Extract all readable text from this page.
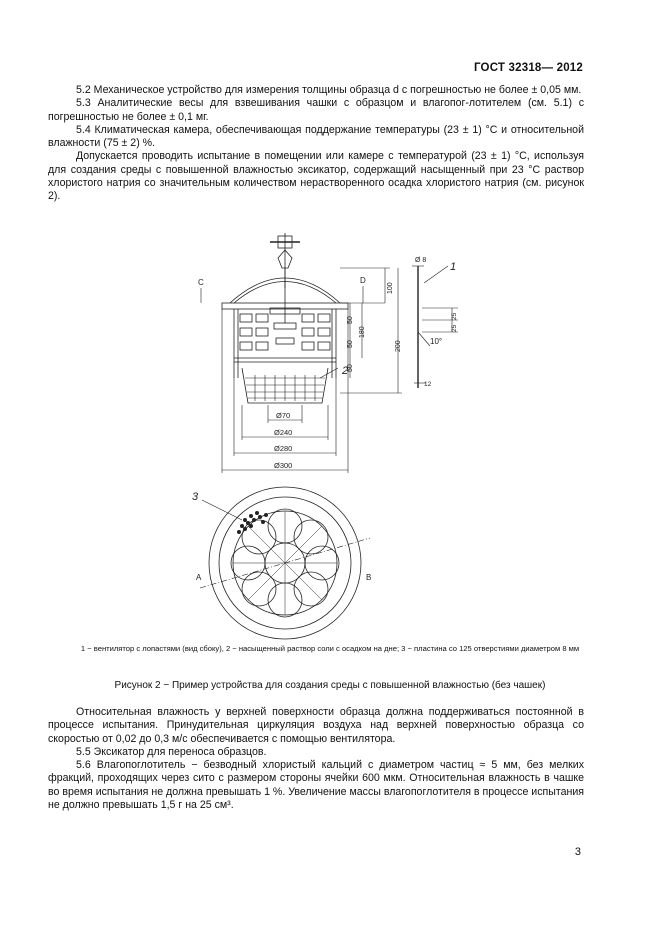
ГОСТ 32318— 2012

5.2 Механическое устройство для измерения толщины образца d с погрешностью не более ± 0,05 мм.

5.3 Аналитические весы для взвешивания чашки с образцом и влагопог-лотителем (см. 5.1) с погрешностью не более ± 0,1 мг.

5.4 Климатическая камера, обеспечивающая поддержание температуры (23 ± 1) °С и относительной влажности (75 ± 2) %.

Допускается проводить испытание в помещении или камере с температурой (23 ± 1) °С, используя для создания среды с повышенной влажностью эксикатор, содержащий насыщенный при 23 °С раствор хлористого натрия со значительным количеством нерастворенного осадка хлористого натрия (см. рисунок 2).

2
C	D
Ø70
Ø240
Ø280
Ø300
100
50
180
50
50
200
Ø 8
1
25
25
10°
12
3
A	B
1 − вентилятор с лопастями (вид сбоку), 2 − насыщенный раствор соли с осадком на дне; 3 − пластина со 125 отверстиями диаметром 8 мм
Рисунок 2 − Пример устройства для создания среды с повышенной влажностью (без чашек)

Относительная влажность у верхней поверхности образца должна поддерживаться постоянной в процессе испытания. Принудительная циркуляция воздуха над верхней поверхностью образца со скоростью от 0,02 до 0,3 м/с обеспечивается с помощью вентилятора.

5.5 Эксикатор для переноса образцов.

5.6 Влагопоглотитель − безводный хлористый кальций с диаметром частиц ≈ 5 мм, без мелких фракций, проходящих через сито с размером стороны ячейки 600 мкм. Относительная влажность в чашке во время испытания не должна превышать 1 %. Увеличение массы влагопоглотителя в процессе испытания не должно превышать 1,5 г на 25 см³.

3
